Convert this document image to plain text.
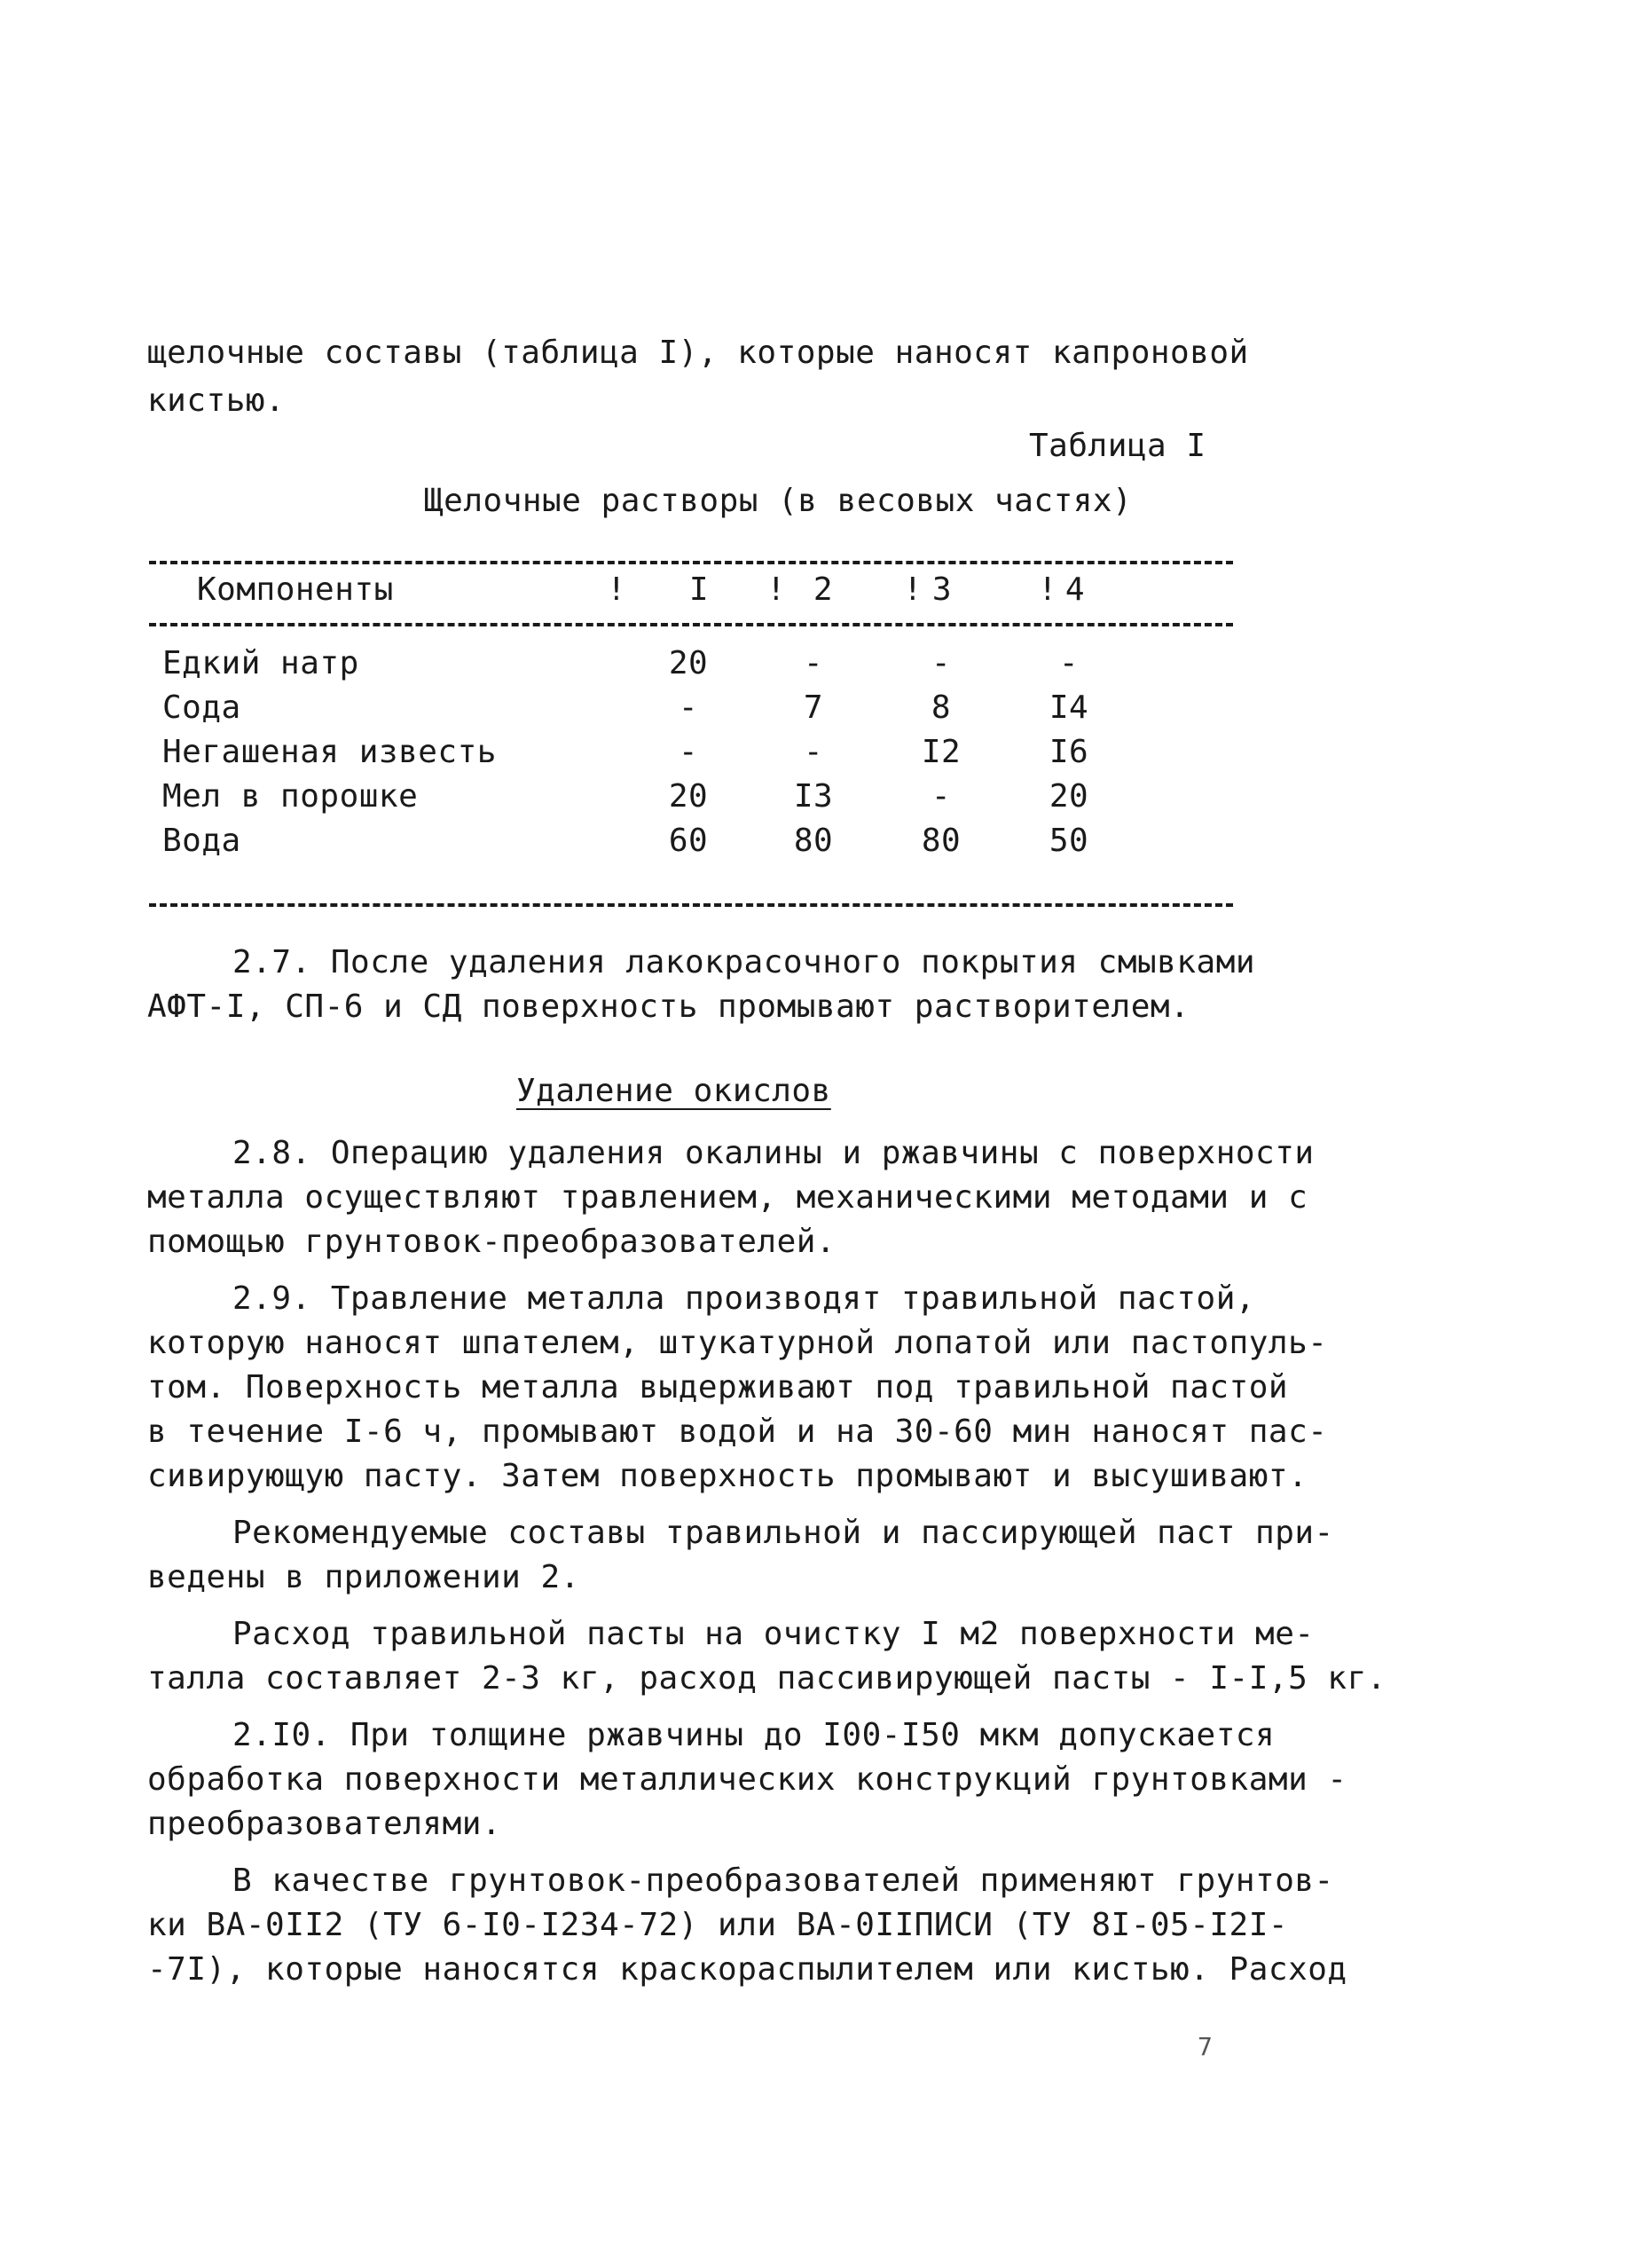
щелочные составы (таблица I), которые наносят капроновой
кистью.
Таблица I
Щелочные растворы (в весовых частях)
Компоненты	!	I	! 2	! 3	! 4
Едкий натр	20	-	-	-
Сода	-	7	8	I4
Негашеная известь	-	-	I2	I6
Мел в порошке	20	I3	-	20
Вода	60	80	80	50
2.7. После удаления лакокрасочного покрытия смывками
АФТ-I, СП-6 и СД поверхность промывают растворителем.
Удаление окислов
2.8. Операцию удаления окалины и ржавчины с поверхности
металла осуществляют травлением, механическими методами и с
помощью грунтовок-преобразователей.
2.9. Травление металла производят травильной пастой,
которую наносят шпателем, штукатурной лопатой или пастопуль-
том. Поверхность металла выдерживают под травильной пастой
в течение I-6 ч, промывают водой и на 30-60 мин наносят пас-
сивирующую пасту. Затем поверхность промывают и высушивают.
Рекомендуемые составы травильной и пассирующей паст при-
ведены в приложении 2.
Расход травильной пасты на очистку I м2 поверхности ме-
талла составляет 2-3 кг, расход пассивирующей пасты - I-I,5 кг.
2.I0. При толщине ржавчины до I00-I50 мкм допускается
обработка поверхности металлических конструкций грунтовками -
преобразователями.
В качестве грунтовок-преобразователей применяют грунтов-
ки ВА-0II2 (ТУ 6-I0-I234-72) или ВА-0IIПИСИ (ТУ 8I-05-I2I-
-7I), которые наносятся краскораспылителем или кистью. Расход
7
